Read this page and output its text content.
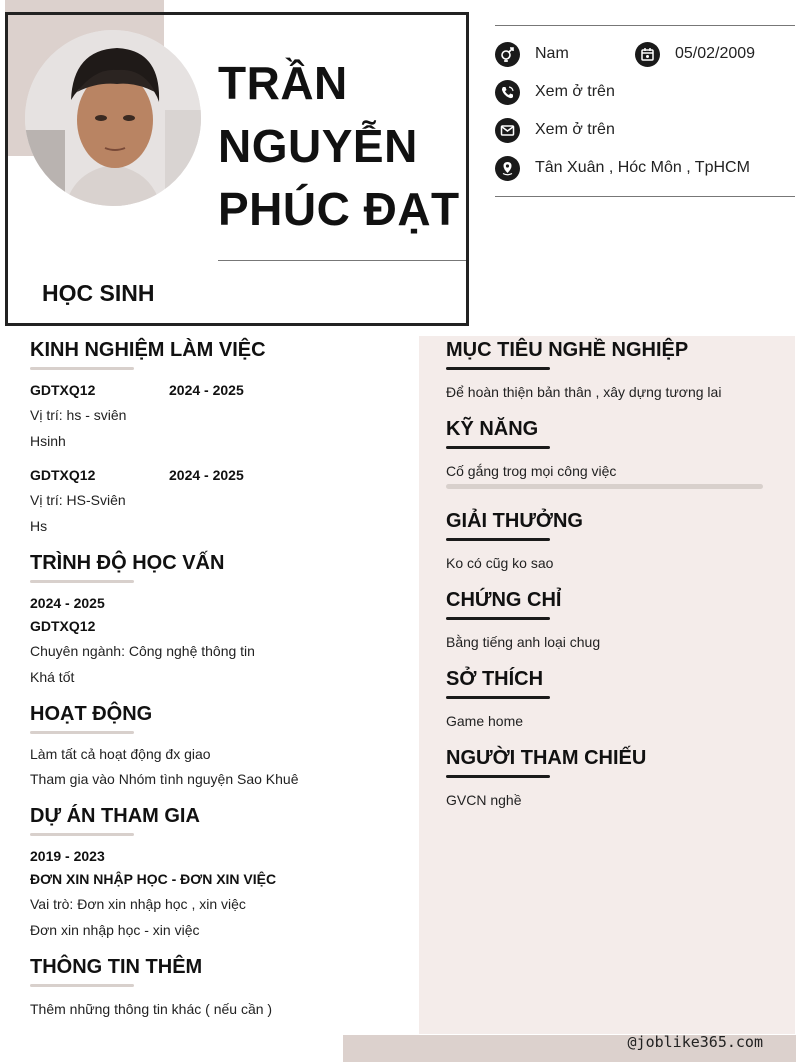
TRẦN
NGUYỄN
PHÚC ĐẠT
HỌC SINH
Nam	05/02/2009
Xem ở trên
Xem ở trên
Tân Xuân , Hóc Môn , TpHCM
KINH NGHIỆM LÀM VIỆC
GDTXQ12	2024 - 2025
Vị trí: hs - sviên
Hsinh
GDTXQ12	2024 - 2025
Vị trí: HS-Sviên
Hs
TRÌNH ĐỘ HỌC VẤN
2024 - 2025
GDTXQ12
Chuyên ngành: Công nghệ thông tin
Khá tốt
HOẠT ĐỘNG
Làm tất cả hoạt động đx giao
Tham gia vào Nhóm tình nguyện Sao Khuê
DỰ ÁN THAM GIA
2019 - 2023
ĐƠN XIN NHẬP HỌC - ĐƠN XIN VIỆC
Vai trò: Đơn xin nhập học , xin việc
Đơn xin nhập học - xin việc
THÔNG TIN THÊM
Thêm những thông tin khác ( nếu cần )
MỤC TIÊU NGHỀ NGHIỆP
Để hoàn thiện bản thân , xây dựng tương lai
KỸ NĂNG
Cố gắng trog mọi công việc
GIẢI THƯỞNG
Ko có cũg ko sao
CHỨNG CHỈ
Bằng tiếng anh loại chug
SỞ THÍCH
Game home
NGƯỜI THAM CHIẾU
GVCN nghề
@joblike365.com
